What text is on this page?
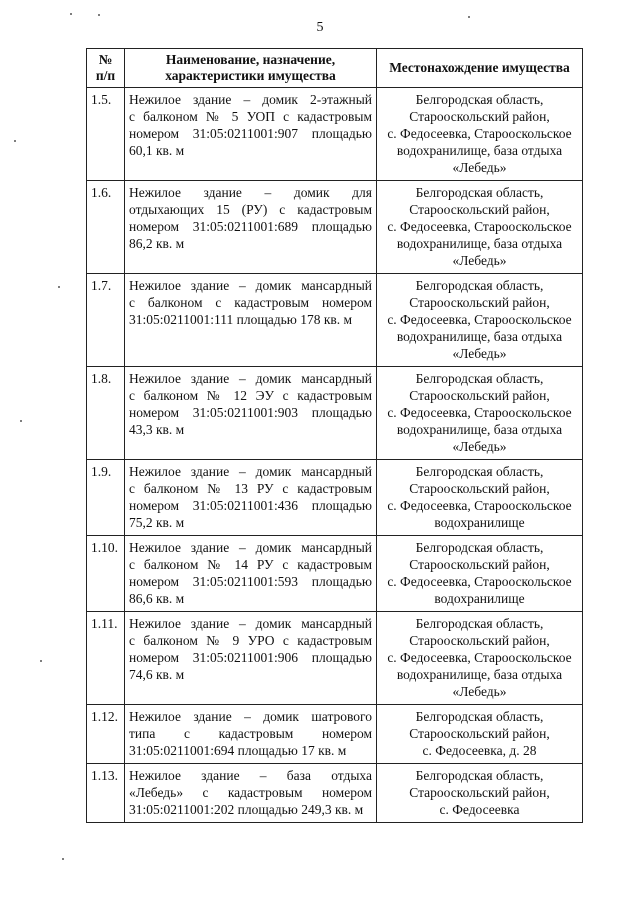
5
№
п/п	Наименование, назначение,
характеристики имущества	Местонахождение имущества
1.5.	Нежилое здание – домик 2-этажный
с балконом № 5 УОП с кадастровым
номером 31:05:0211001:907 площадью
60,1 кв. м	Белгородская область,
Старооскольский район,
с. Федосеевка, Старооскольское
водохранилище, база отдыха
«Лебедь»

1.6.	Нежилое здание – домик для
отдыхающих 15 (РУ) с кадастровым
номером 31:05:0211001:689 площадью
86,2 кв. м	Белгородская область,
Старооскольский район,
с. Федосеевка, Старооскольское
водохранилище, база отдыха
«Лебедь»

1.7.	Нежилое здание – домик мансардный
с балконом с кадастровым номером
31:05:0211001:111 площадью 178 кв. м	Белгородская область,
Старооскольский район,
с. Федосеевка, Старооскольское
водохранилище, база отдыха
«Лебедь»

1.8.	Нежилое здание – домик мансардный
с балконом № 12 ЭУ с кадастровым
номером 31:05:0211001:903 площадью
43,3 кв. м	Белгородская область,
Старооскольский район,
с. Федосеевка, Старооскольское
водохранилище, база отдыха
«Лебедь»

1.9.	Нежилое здание – домик мансардный
с балконом № 13 РУ с кадастровым
номером 31:05:0211001:436 площадью
75,2 кв. м	Белгородская область,
Старооскольский район,
с. Федосеевка, Старооскольское
водохранилище

1.10.	Нежилое здание – домик мансардный
с балконом № 14 РУ с кадастровым
номером 31:05:0211001:593 площадью
86,6 кв. м	Белгородская область,
Старооскольский район,
с. Федосеевка, Старооскольское
водохранилище

1.11.	Нежилое здание – домик мансардный
с балконом № 9 УРО с кадастровым
номером 31:05:0211001:906 площадью
74,6 кв. м	Белгородская область,
Старооскольский район,
с. Федосеевка, Старооскольское
водохранилище, база отдыха
«Лебедь»

1.12.	Нежилое здание – домик шатрового
типа с кадастровым номером
31:05:0211001:694 площадью 17 кв. м	Белгородская область,
Старооскольский район,
с. Федосеевка, д. 28

1.13.	Нежилое здание – база отдыха
«Лебедь» с кадастровым номером
31:05:0211001:202 площадью 249,3 кв. м	Белгородская область,
Старооскольский район,
с. Федосеевка
